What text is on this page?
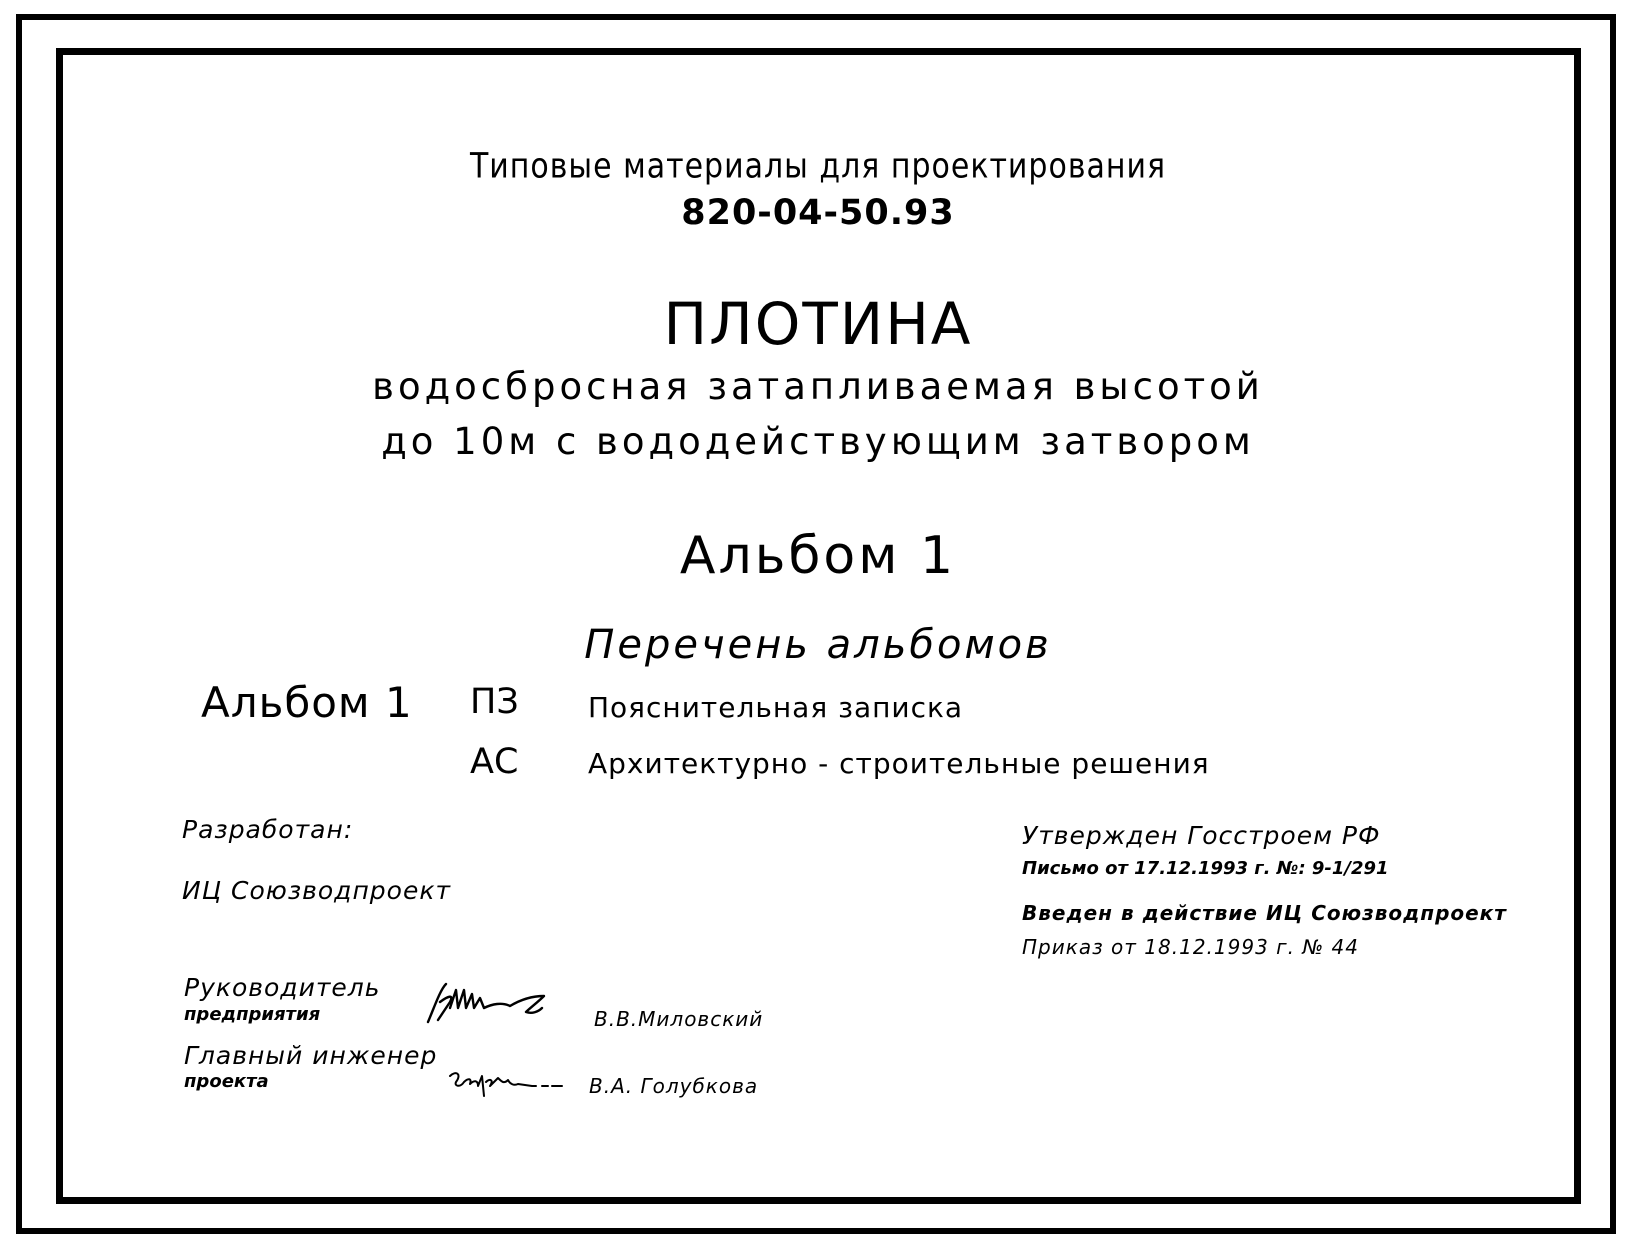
Типовые материалы для проектирования
820-04-50.93
ПЛОТИНА
водосбросная затапливаемая высотой
до 10м с вододействующим затвором
Альбом 1
Перечень альбомов
Альбом 1 ПЗ Пояснительная записка
АС Архитектурно - строительные решения
Разработан:
ИЦ Союзводпроект
Утвержден Госстроем РФ
Письмо от 17.12.1993 г. №: 9-1/291
Введен в действие ИЦ Союзводпроект
Приказ от 18.12.1993 г. № 44
Руководитель
предприятия	В.В.Миловский
Главный инженер
проекта	В.А. Голубкова
